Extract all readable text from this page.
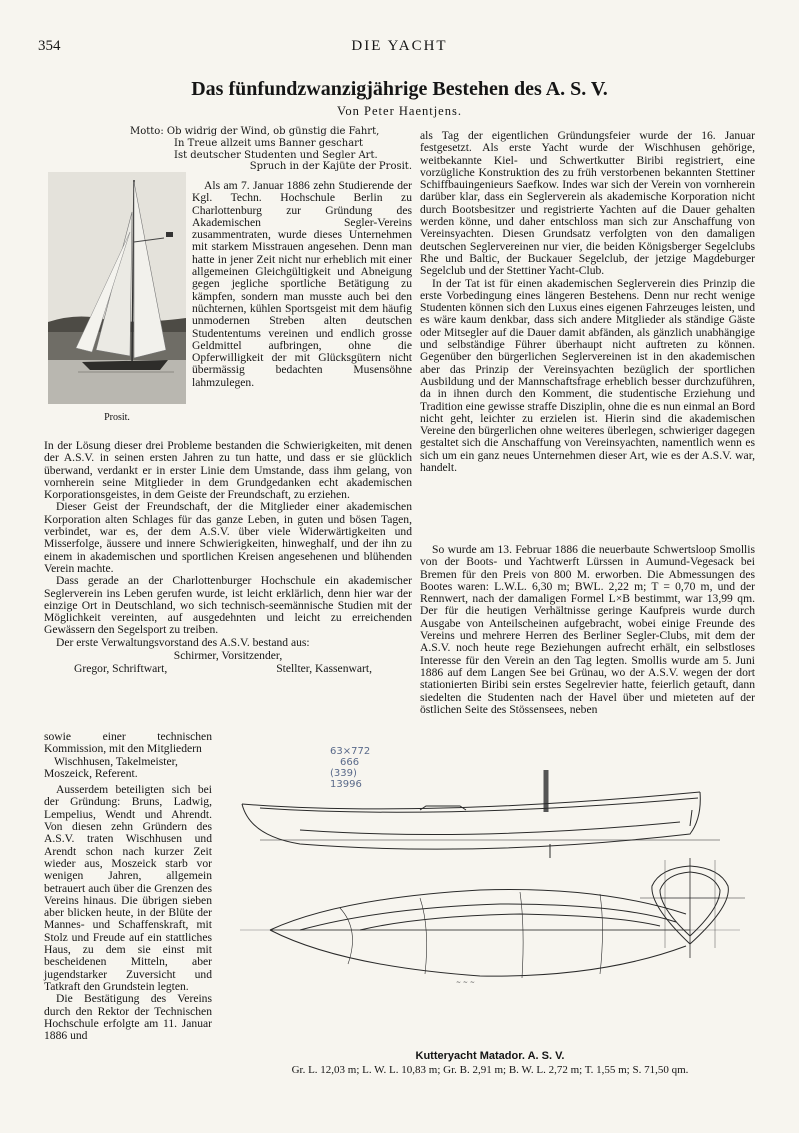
354	DIE YACHT
Das fünfundzwanzigjährige Bestehen des A. S. V.
Von Peter Haentjens.
Motto: Ob widrig der Wind, ob günstig die Fahrt,
In Treue allzeit ums Banner geschart
Ist deutscher Studenten und Segler Art.
Spruch in der Kajüte der Prosit.
Prosit.

Als am 7. Januar 1886 zehn Studierende der Kgl. Techn. Hochschule Berlin zu Charlottenburg zur Gründung des Akademischen Segler-Vereins zusammentraten, wurde dieses Unternehmen mit starkem Misstrauen angesehen. Denn man hatte in jener Zeit nicht nur erheblich mit einer allgemeinen Gleichgültigkeit und Abneigung gegen jegliche sportliche Betätigung zu kämpfen, sondern man musste auch bei den nüchternen, kühlen Sportsgeist mit dem häufig unmodernen Streben alten deutschen Studententums vereinen und endlich grosse Geldmittel aufbringen, ohne die Opferwilligkeit der mit Glücksgütern nicht übermässig bedachten Musensöhne lahmzulegen.

In der Lösung dieser drei Probleme bestanden die Schwierigkeiten, mit denen der A.S.V. in seinen ersten Jahren zu tun hatte, und dass er sie glücklich überwand, verdankt er in erster Linie dem Umstande, dass ihm gelang, von vornherein seine Mitglieder in dem Grundgedanken echt akademischen Korporationsgeistes, in dem Geiste der Freundschaft, zu erziehen.

Dieser Geist der Freundschaft, der die Mitglieder einer akademischen Korporation alten Schlages für das ganze Leben, in guten und bösen Tagen, verbindet, war es, der dem A.S.V. über viele Widerwärtigkeiten und Misserfolge, äussere und innere Schwierigkeiten, hinweghalf, und der ihn zu einem in akademischen und sportlichen Kreisen angesehenen und blühenden Verein machte.

Dass gerade an der Charlottenburger Hochschule ein akademischer Seglerverein ins Leben gerufen wurde, ist leicht erklärlich, denn hier war der einzige Ort in Deutschland, wo sich technisch-seemännische Studien mit der Möglichkeit vereinten, auf ausgedehnten und leicht zu erreichenden Gewässern den Segelsport zu treiben.

Der erste Verwaltungsvorstand des A.S.V. bestand aus:

Schirmer, Vorsitzender,
Gregor, Schriftwart,	Stellter, Kassenwart,

sowie einer technischen Kommission, mit den Mitgliedern

Wischhusen, Takelmeister,
Moszeick, Referent.

Ausserdem beteiligten sich bei der Gründung: Bruns, Ladwig, Lempelius, Wendt und Ahrendt. Von diesen zehn Gründern des A.S.V. traten Wischhusen und Arendt schon nach kurzer Zeit wieder aus, Moszeick starb vor wenigen Jahren, allgemein betrauert auch über die Grenzen des Vereins hinaus. Die übrigen sieben aber blicken heute, in der Blüte der Mannes- und Schaffenskraft, mit Stolz und Freude auf ein stattliches Haus, zu dem sie einst mit bescheidenen Mitteln, aber jugendstarker Zuversicht und Tatkraft den Grundstein legten.

Die Bestätigung des Vereins durch den Rektor der Technischen Hochschule erfolgte am 11. Januar 1886 und

als Tag der eigentlichen Gründungsfeier wurde der 16. Januar festgesetzt. Als erste Yacht wurde der Wischhusen gehörige, weitbekannte Kiel- und Schwertkutter Biribi registriert, eine vorzügliche Konstruktion des zu früh verstorbenen bekannten Stettiner Schiffbauingenieurs Saefkow. Indes war sich der Verein von vornherein darüber klar, dass ein Seglerverein als akademische Korporation nicht durch Bootsbesitzer und registrierte Yachten auf die Dauer gehalten werden könne, und daher entschloss man sich zur Anschaffung von Vereinsyachten. Diesen Grundsatz verfolgten von den damaligen deutschen Seglervereinen nur vier, die beiden Königsberger Segelclubs Rhe und Baltic, der Buckauer Segelclub, der jetzige Magdeburger Segelclub und der Stettiner Yacht-Club.

In der Tat ist für einen akademischen Seglerverein dies Prinzip die erste Vorbedingung eines längeren Bestehens. Denn nur recht wenige Studenten können sich den Luxus eines eigenen Fahrzeuges leisten, und es wäre kaum denkbar, dass sich andere Mitglieder als ständige Gäste oder Mitsegler auf die Dauer damit abfänden, als gänzlich unabhängige und selbständige Führer überhaupt nicht auftreten zu können. Gegenüber den bürgerlichen Seglervereinen ist in den akademischen aber das Prinzip der Vereinsyachten bezüglich der sportlichen Ausbildung und der Mannschaftsfrage erheblich besser durchzuführen, da in ihnen durch den Komment, die studentische Erziehung und Tradition eine gewisse straffe Disziplin, ohne die es nun einmal an Bord nicht geht, leichter zu erzielen ist. Hierin sind die akademischen Vereine den bürgerlichen ohne weiteres überlegen, schwieriger dagegen gestaltet sich die Anschaffung von Vereinsyachten, namentlich wenn es sich um ein ganz neues Unternehmen dieser Art, wie es der A.S.V. war, handelt.

So wurde am 13. Februar 1886 die neuerbaute Schwertsloop Smollis von der Boots- und Yachtwerft Lürssen in Aumund-Vegesack bei Bremen für den Preis von 800 M. erworben. Die Abmessungen des Bootes waren: L.W.L. 6,30 m; BWL. 2,22 m; T = 0,70 m, und der Rennwert, nach der damaligen Formel L×B bestimmt, war 13,99 qm. Der für die heutigen Verhältnisse geringe Kaufpreis wurde durch Ausgabe von Anteilscheinen aufgebracht, wobei einige Freunde des Vereins und mehrere Herren des Berliner Segler-Clubs, mit dem der A.S.V. noch heute rege Beziehungen aufrecht erhält, ein selbstloses Interesse für den Verein an den Tag legten. Smollis wurde am 5. Juni 1886 auf dem Langen See bei Grünau, wo der A.S.V. wegen der dort stationierten Biribi sein erstes Segelrevier hatte, feierlich getauft, dann siedelten die Studenten nach der Havel über und mieteten auf der östlichen Seite des Stössensees, neben

63×772
666
(339)
13996
~ ~ ~
Kutteryacht Matador. A. S. V.
Gr. L. 12,03 m; L. W. L. 10,83 m; Gr. B. 2,91 m; B. W. L. 2,72 m; T. 1,55 m; S. 71,50 qm.
